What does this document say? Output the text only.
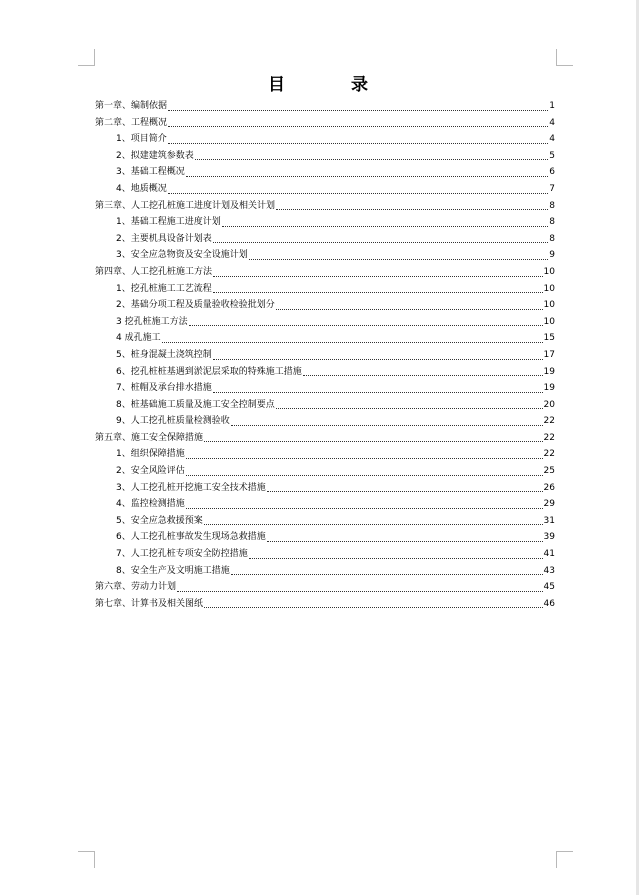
目 录
第一章、编制依据	1
第二章、工程概况	4
1、项目简介	4
2、拟建建筑参数表	5
3、基础工程概况	6
4、地质概况	7
第三章、人工挖孔桩施工进度计划及相关计划	8
1、基础工程施工进度计划	8
2、主要机具设备计划表	8
3、安全应急物资及安全设施计划	9
第四章、人工挖孔桩施工方法	10
1、挖孔桩施工工艺流程	10
2、基础分项工程及质量验收检验批划分	10
3 挖孔桩施工方法	10
4 成孔施工	15
5、桩身混凝土浇筑控制	17
6、挖孔桩桩基遇到淤泥层采取的特殊施工措施	19
7、桩帽及承台排水措施	19
8、桩基础施工质量及施工安全控制要点	20
9、人工挖孔桩质量检测验收	22
第五章、施工安全保障措施	22
1、组织保障措施	22
2、安全风险评估	25
3、人工挖孔桩开挖施工安全技术措施	26
4、监控检测措施	29
5、安全应急救援预案	31
6、人工挖孔桩事故发生现场急救措施	39
7、人工挖孔桩专项安全防控措施	41
8、安全生产及文明施工措施	43
第六章、劳动力计划	45
第七章、计算书及相关图纸	46
